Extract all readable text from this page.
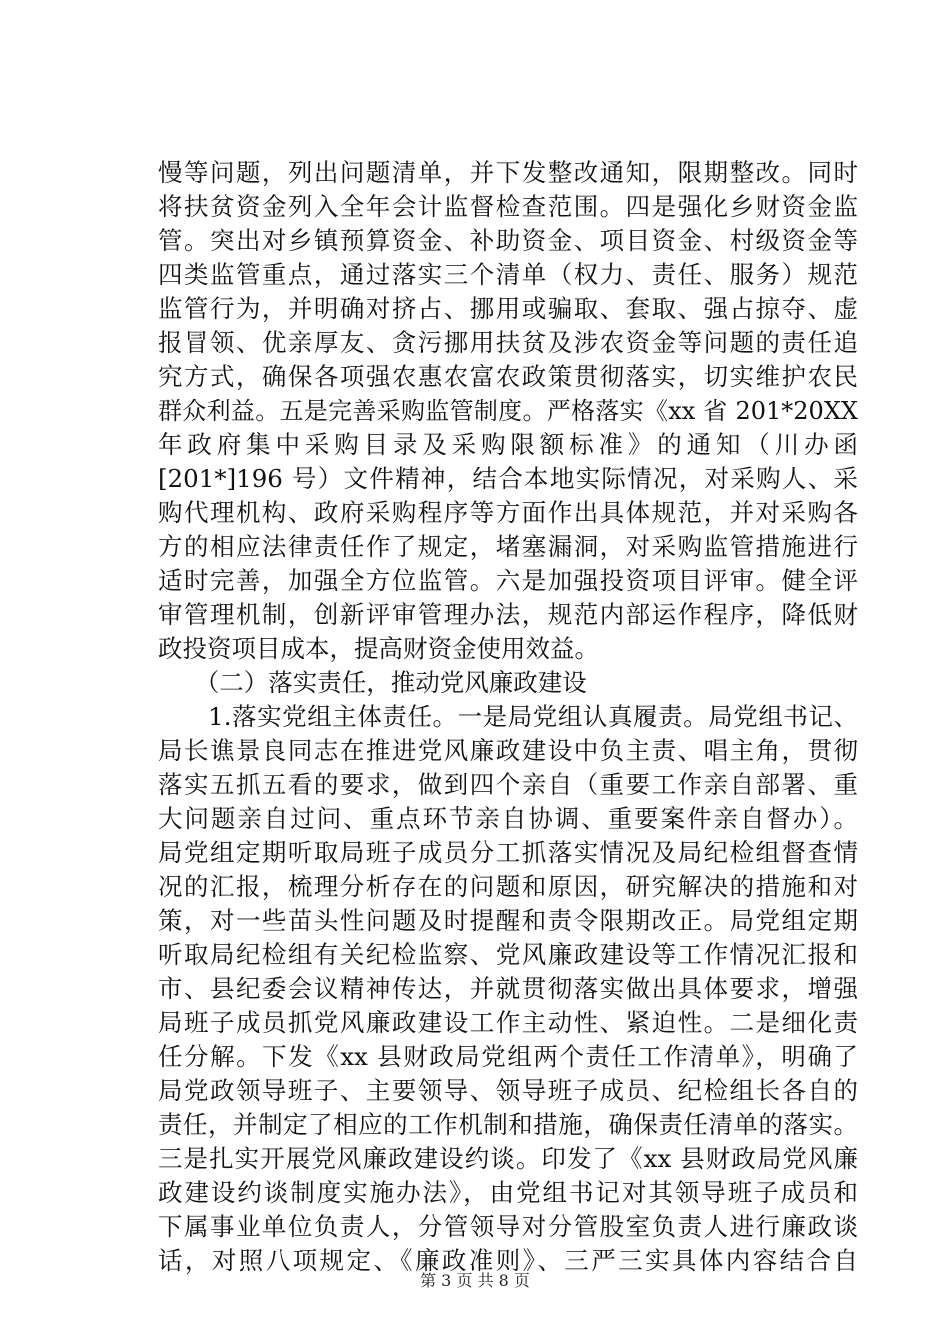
慢等问题，列出问题清单，并下发整改通知，限期整改。同时
将扶贫资金列入全年会计监督检查范围。四是强化乡财资金监
管。突出对乡镇预算资金、补助资金、项目资金、村级资金等
四类监管重点，通过落实三个清单（权力、责任、服务）规范
监管行为，并明确对挤占、挪用或骗取、套取、强占掠夺、虚
报冒领、优亲厚友、贪污挪用扶贫及涉农资金等问题的责任追
究方式，确保各项强农惠农富农政策贯彻落实，切实维护农民
群众利益。五是完善采购监管制度。严格落实《xx 省 201*20XX
年政府集中采购目录及采购限额标准》的通知（川办函
[201*]196 号）文件精神，结合本地实际情况，对采购人、采
购代理机构、政府采购程序等方面作出具体规范，并对采购各
方的相应法律责任作了规定，堵塞漏洞，对采购监管措施进行
适时完善，加强全方位监管。六是加强投资项目评审。健全评
审管理机制，创新评审管理办法，规范内部运作程序，降低财
政投资项目成本，提高财资金使用效益。
　　（二）落实责任，推动党风廉政建设
　　1.落实党组主体责任。一是局党组认真履责。局党组书记、
局长谯景良同志在推进党风廉政建设中负主责、唱主角，贯彻
落实五抓五看的要求，做到四个亲自（重要工作亲自部署、重
大问题亲自过问、重点环节亲自协调、重要案件亲自督办）。
局党组定期听取局班子成员分工抓落实情况及局纪检组督查情
况的汇报，梳理分析存在的问题和原因，研究解决的措施和对
策，对一些苗头性问题及时提醒和责令限期改正。局党组定期
听取局纪检组有关纪检监察、党风廉政建设等工作情况汇报和
市、县纪委会议精神传达，并就贯彻落实做出具体要求，增强
局班子成员抓党风廉政建设工作主动性、紧迫性。二是细化责
任分解。下发《xx 县财政局党组两个责任工作清单》，明确了
局党政领导班子、主要领导、领导班子成员、纪检组长各自的
责任，并制定了相应的工作机制和措施，确保责任清单的落实。
三是扎实开展党风廉政建设约谈。印发了《xx 县财政局党风廉
政建设约谈制度实施办法》，由党组书记对其领导班子成员和
下属事业单位负责人，分管领导对分管股室负责人进行廉政谈
话，对照八项规定、《廉政准则》、三严三实具体内容结合自
第 3 页 共 8 页
